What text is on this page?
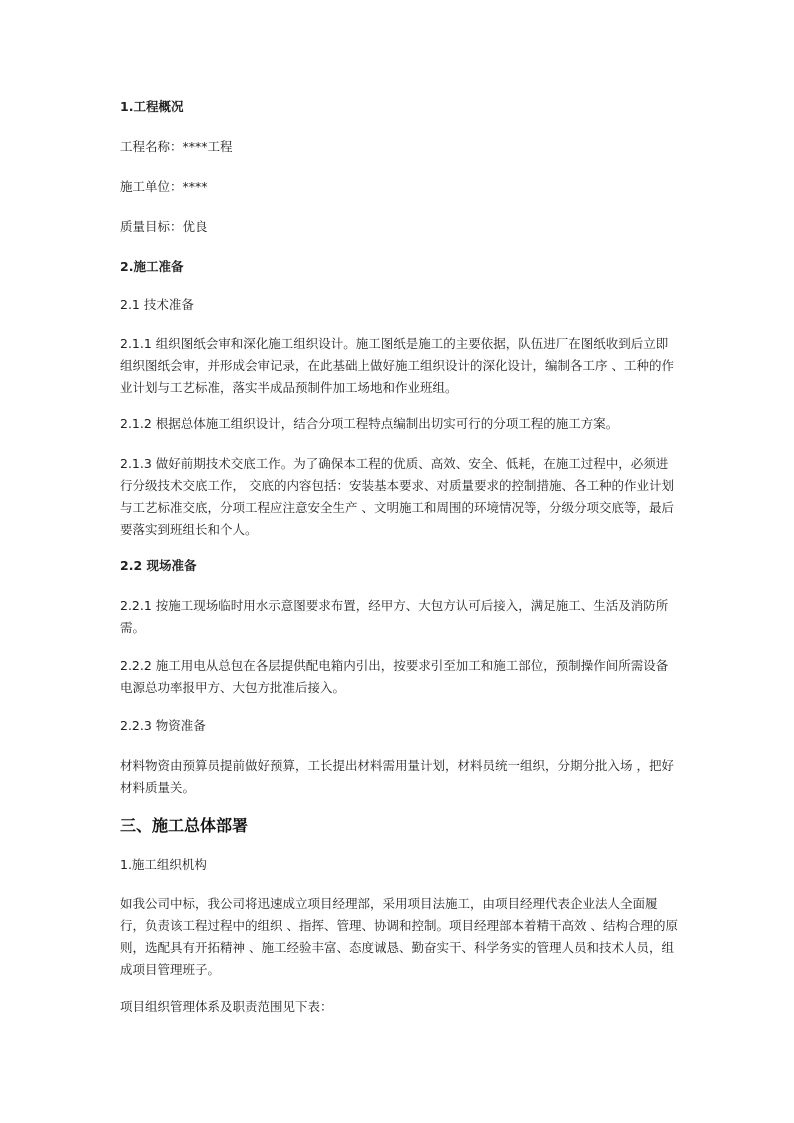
1.工程概况

工程名称：****工程

施工单位：****

质量目标：优良

2.施工准备

2.1 技术准备

2.1.1 组织图纸会审和深化施工组织设计。施工图纸是施工的主要依据，队伍进厂在图纸收到后立即组织图纸会审，并形成会审记录，在此基础上做好施工组织设计的深化设计，编制各工序 、工种的作业计划与工艺标准，落实半成品预制件加工场地和作业班组。

2.1.2 根据总体施工组织设计，结合分项工程特点编制出切实可行的分项工程的施工方案。

2.1.3 做好前期技术交底工作。为了确保本工程的优质、高效、安全、低耗，在施工过程中，必须进行分级技术交底工作， 交底的内容包括：安装基本要求、对质量要求的控制措施、各工种的作业计划与工艺标准交底，分项工程应注意安全生产 、文明施工和周围的环境情况等，分级分项交底等，最后要落实到班组长和个人。

2.2 现场准备

2.2.1 按施工现场临时用水示意图要求布置，经甲方、大包方认可后接入，满足施工、生活及消防所需。

2.2.2 施工用电从总包在各层提供配电箱内引出，按要求引至加工和施工部位，预制操作间所需设备电源总功率报甲方、大包方批准后接入。

2.2.3 物资准备

材料物资由预算员提前做好预算，工长提出材料需用量计划，材料员统一组织，分期分批入场 ，把好材料质量关。

三、施工总体部署

1.施工组织机构

如我公司中标，我公司将迅速成立项目经理部，采用项目法施工，由项目经理代表企业法人全面履行，负责该工程过程中的组织 、指挥、管理、协调和控制。项目经理部本着精干高效 、结构合理的原则，选配具有开拓精神 、施工经验丰富、态度诚恳、勤奋实干、科学务实的管理人员和技术人员，组成项目管理班子。

项目组织管理体系及职责范围见下表：
